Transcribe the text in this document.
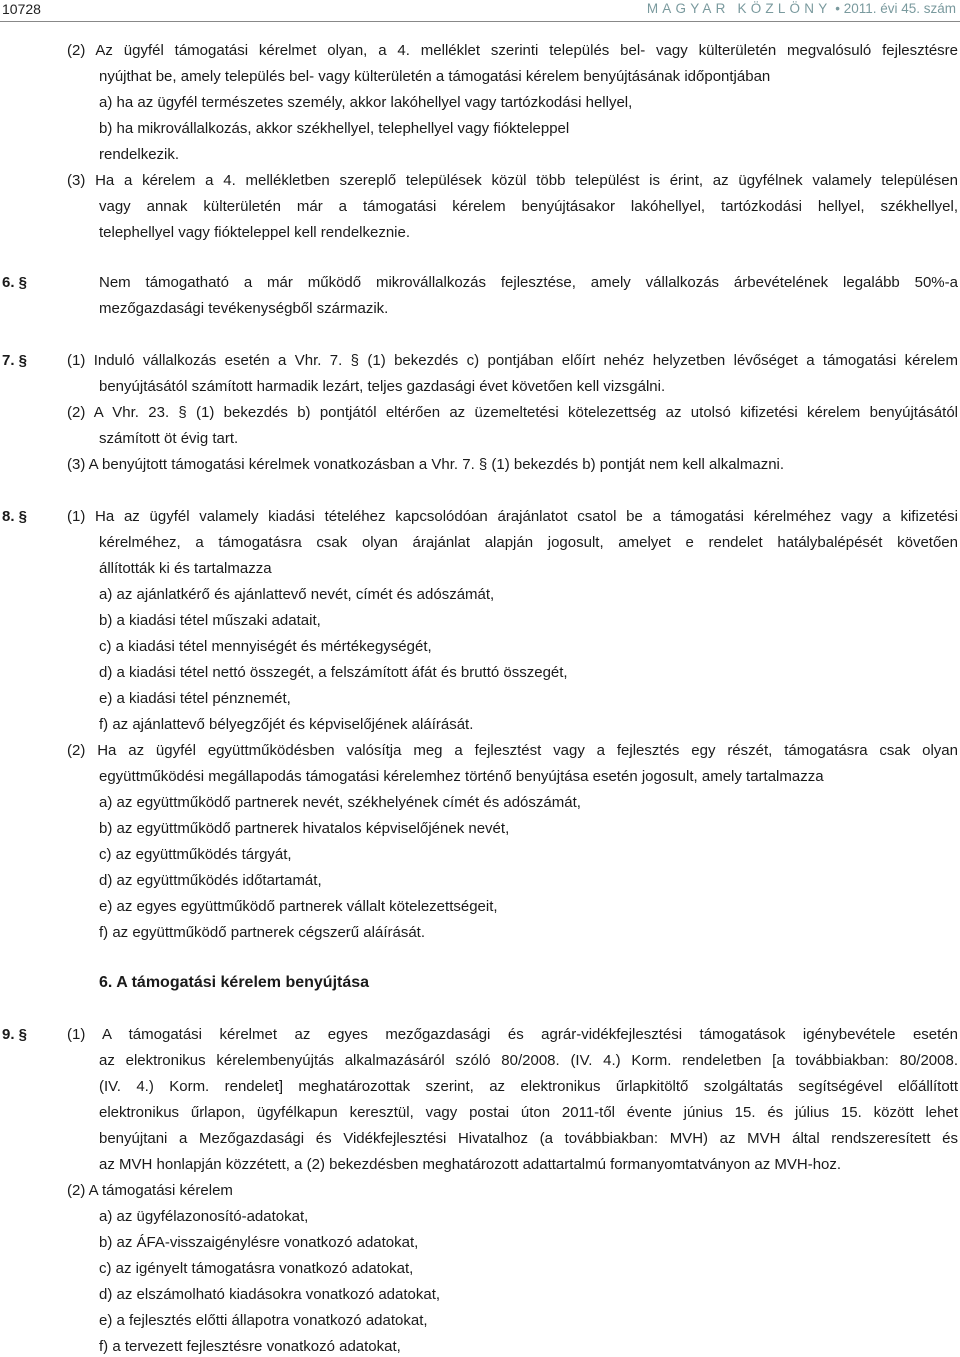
10728	MAGYAR KÖZLÖNY • 2011. évi 45. szám
(2) Az ügyfél támogatási kérelmet olyan, a 4. melléklet szerinti település bel- vagy külterületén megvalósuló fejlesztésre
nyújthat be, amely település bel- vagy külterületén a támogatási kérelem benyújtásának időpontjában
a) ha az ügyfél természetes személy, akkor lakóhellyel vagy tartózkodási hellyel,
b) ha mikrovállalkozás, akkor székhellyel, telephellyel vagy fiókteleppel
rendelkezik.
(3) Ha a kérelem a 4. mellékletben szereplő települések közül több települést is érint, az ügyfélnek valamely településen
vagy annak külterületén már a támogatási kérelem benyújtásakor lakóhellyel, tartózkodási hellyel, székhellyel,
telephellyel vagy fiókteleppel kell rendelkeznie.
6. §	Nem támogatható a már működő mikrovállalkozás fejlesztése, amely vállalkozás árbevételének legalább 50%-a
mezőgazdasági tevékenységből származik.
7. §	(1) Induló vállalkozás esetén a Vhr. 7. § (1) bekezdés c) pontjában előírt nehéz helyzetben lévőséget a támogatási kérelem
benyújtásától számított harmadik lezárt, teljes gazdasági évet követően kell vizsgálni.
(2) A Vhr. 23. § (1) bekezdés b) pontjától eltérően az üzemeltetési kötelezettség az utolsó kifizetési kérelem benyújtásától
számított öt évig tart.
(3) A benyújtott támogatási kérelmek vonatkozásban a Vhr. 7. § (1) bekezdés b) pontját nem kell alkalmazni.
8. §	(1) Ha az ügyfél valamely kiadási tételéhez kapcsolódóan árajánlatot csatol be a támogatási kérelméhez vagy a kifizetési
kérelméhez, a támogatásra csak olyan árajánlat alapján jogosult, amelyet e rendelet hatálybalépését követően
állították ki és tartalmazza
a) az ajánlatkérő és ajánlattevő nevét, címét és adószámát,
b) a kiadási tétel műszaki adatait,
c) a kiadási tétel mennyiségét és mértékegységét,
d) a kiadási tétel nettó összegét, a felszámított áfát és bruttó összegét,
e) a kiadási tétel pénznemét,
f) az ajánlattevő bélyegzőjét és képviselőjének aláírását.
(2) Ha az ügyfél együttműködésben valósítja meg a fejlesztést vagy a fejlesztés egy részét, támogatásra csak olyan
együttműködési megállapodás támogatási kérelemhez történő benyújtása esetén jogosult, amely tartalmazza
a) az együttműködő partnerek nevét, székhelyének címét és adószámát,
b) az együttműködő partnerek hivatalos képviselőjének nevét,
c) az együttműködés tárgyát,
d) az együttműködés időtartamát,
e) az egyes együttműködő partnerek vállalt kötelezettségeit,
f) az együttműködő partnerek cégszerű aláírását.
6. A támogatási kérelem benyújtása
9. §	(1) A támogatási kérelmet az egyes mezőgazdasági és agrár-vidékfejlesztési támogatások igénybevétele esetén
az elektronikus kérelembenyújtás alkalmazásáról szóló 80/2008. (IV. 4.) Korm. rendeletben [a továbbiakban: 80/2008.
(IV. 4.) Korm. rendelet] meghatározottak szerint, az elektronikus űrlapkitöltő szolgáltatás segítségével előállított
elektronikus űrlapon, ügyfélkapun keresztül, vagy postai úton 2011-től évente június 15. és július 15. között lehet
benyújtani a Mezőgazdasági és Vidékfejlesztési Hivatalhoz (a továbbiakban: MVH) az MVH által rendszeresített és
az MVH honlapján közzétett, a (2) bekezdésben meghatározott adattartalmú formanyomtatványon az MVH-hoz.
(2) A támogatási kérelem
a) az ügyfélazonosító-adatokat,
b) az ÁFA-visszaigénylésre vonatkozó adatokat,
c) az igényelt támogatásra vonatkozó adatokat,
d) az elszámolható kiadásokra vonatkozó adatokat,
e) a fejlesztés előtti állapotra vonatkozó adatokat,
f) a tervezett fejlesztésre vonatkozó adatokat,
